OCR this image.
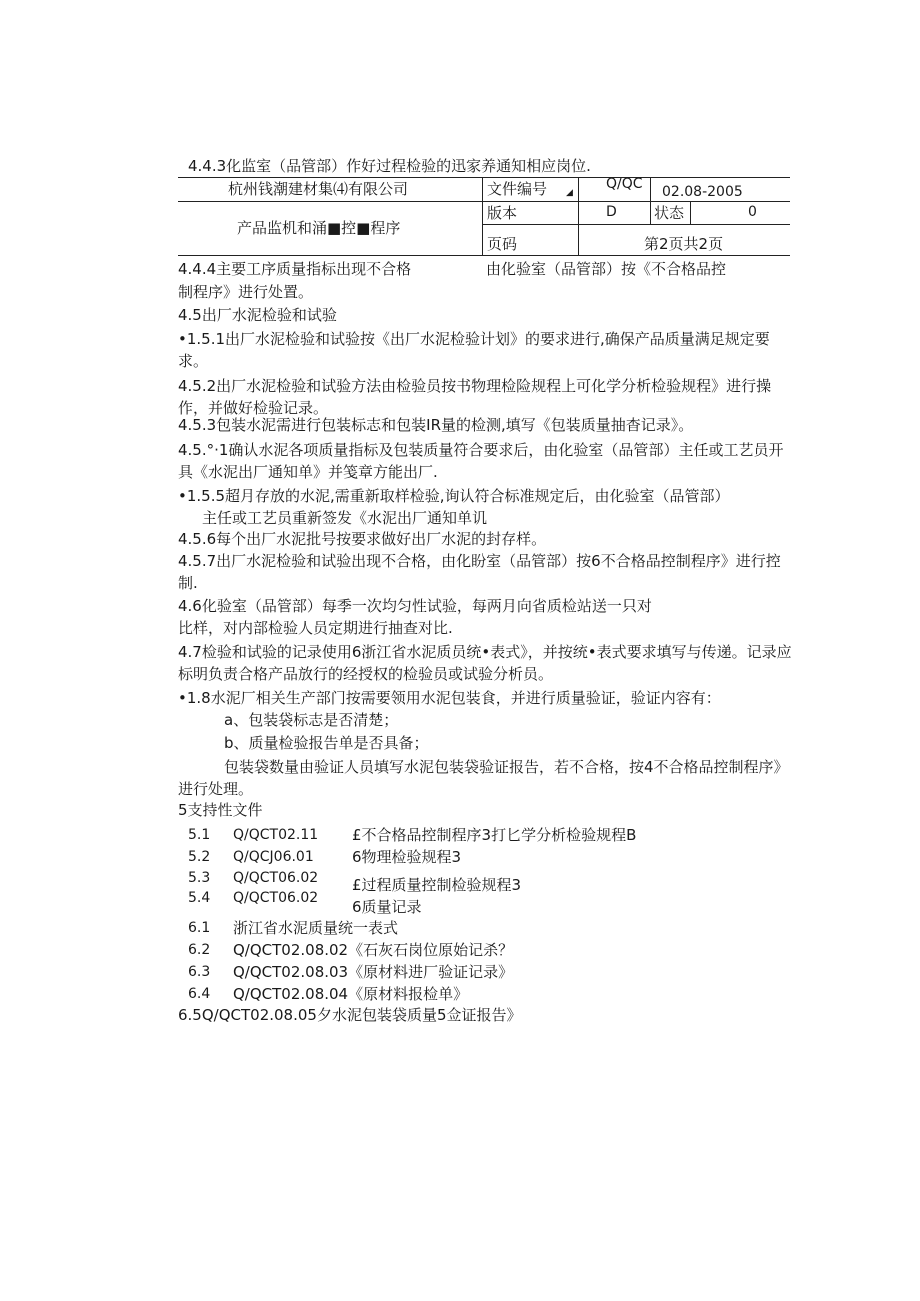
4.4.3化监室（品管部）作好过程检验的迅家养通知相应岗位.
杭州钱潮建材集⑷有限公司	文件编号 ◢
Q/QC 02.08-2005
产品监机和涌■控■程序
版本	D 状态	0
页码	第2页共2页
4.4.4主要工序质量指标出现不合格	由化验室（品管部）按《不合格品控
制程序》进行处置。
4.5出厂水泥检验和试验

•1.5.1出厂水泥检验和试验按《出厂水泥检验计划》的要求进行,确保产品质量满足规定要求。

4.5.2出厂水泥检验和试验方法由检验员按书物理检险规程上可化学分析检验规程》进行操作，并做好检验记录。

4.5.3包装水泥需进行包装标志和包装IR量的检测,填写《包装质量抽杳记录》。

4.5.°·1确认水泥各项质量指标及包装质量符合要求后，由化验室（品管部）主任或工艺员开具《水泥出厂通知单》并笺章方能出厂.

•1.5.5超月存放的水泥,需重新取样检验,询认符合标准规定后，由化验室（品管部）
主任或工艺员重新签发《水泥出厂通知单讥
4.5.6每个出厂水泥批号按要求做好出厂水泥的封存样。

4.5.7出厂水泥检验和试验出现不合格，由化盼室（品管部）按6不合格品控制程序》进行控制.

4.6化验室（品管部）每季一次均匀性试验，每两月向省质检站送一只对
比样，对内部检验人员定期进行抽查对比.

4.7检验和试验的记录使用6浙江省水泥质员统•表式》，并按统•表式要求填写与传递。记录应标明负责合格产品放行的经授权的检验员或试验分析员。

•1.8水泥厂相关生产部门按需要领用水泥包装食，并进行质量验证，验证内容有：
a、包装袋标志是否清楚；
b、质量检验报告单是否具备；

包装袋数量由验证人员填写水泥包装袋验证报告，若不合格，按4不合格品控制程序》进行处理。

5支持性文件
5.1 Q/QCT02.11 £不合格品控制程序3打匕学分析检验规程B
5.2 Q/QCJ06.01	6物理检验规程3
5.3 Q/QCT06.02 £过程质量控制检验规程3
5.4 Q/QCT06.02 6质量记录
6.1 浙江省水泥质量统一表式
6.2 Q/QCT02.08.02《石灰石岗位原始记杀？
6.3 Q/QCT02.08.03《原材料进厂验证记录》
6.4 Q/QCT02.08.04《原材料报检单》
6.5Q/QCT02.08.05夕水泥包装袋质量5佥证报告》
